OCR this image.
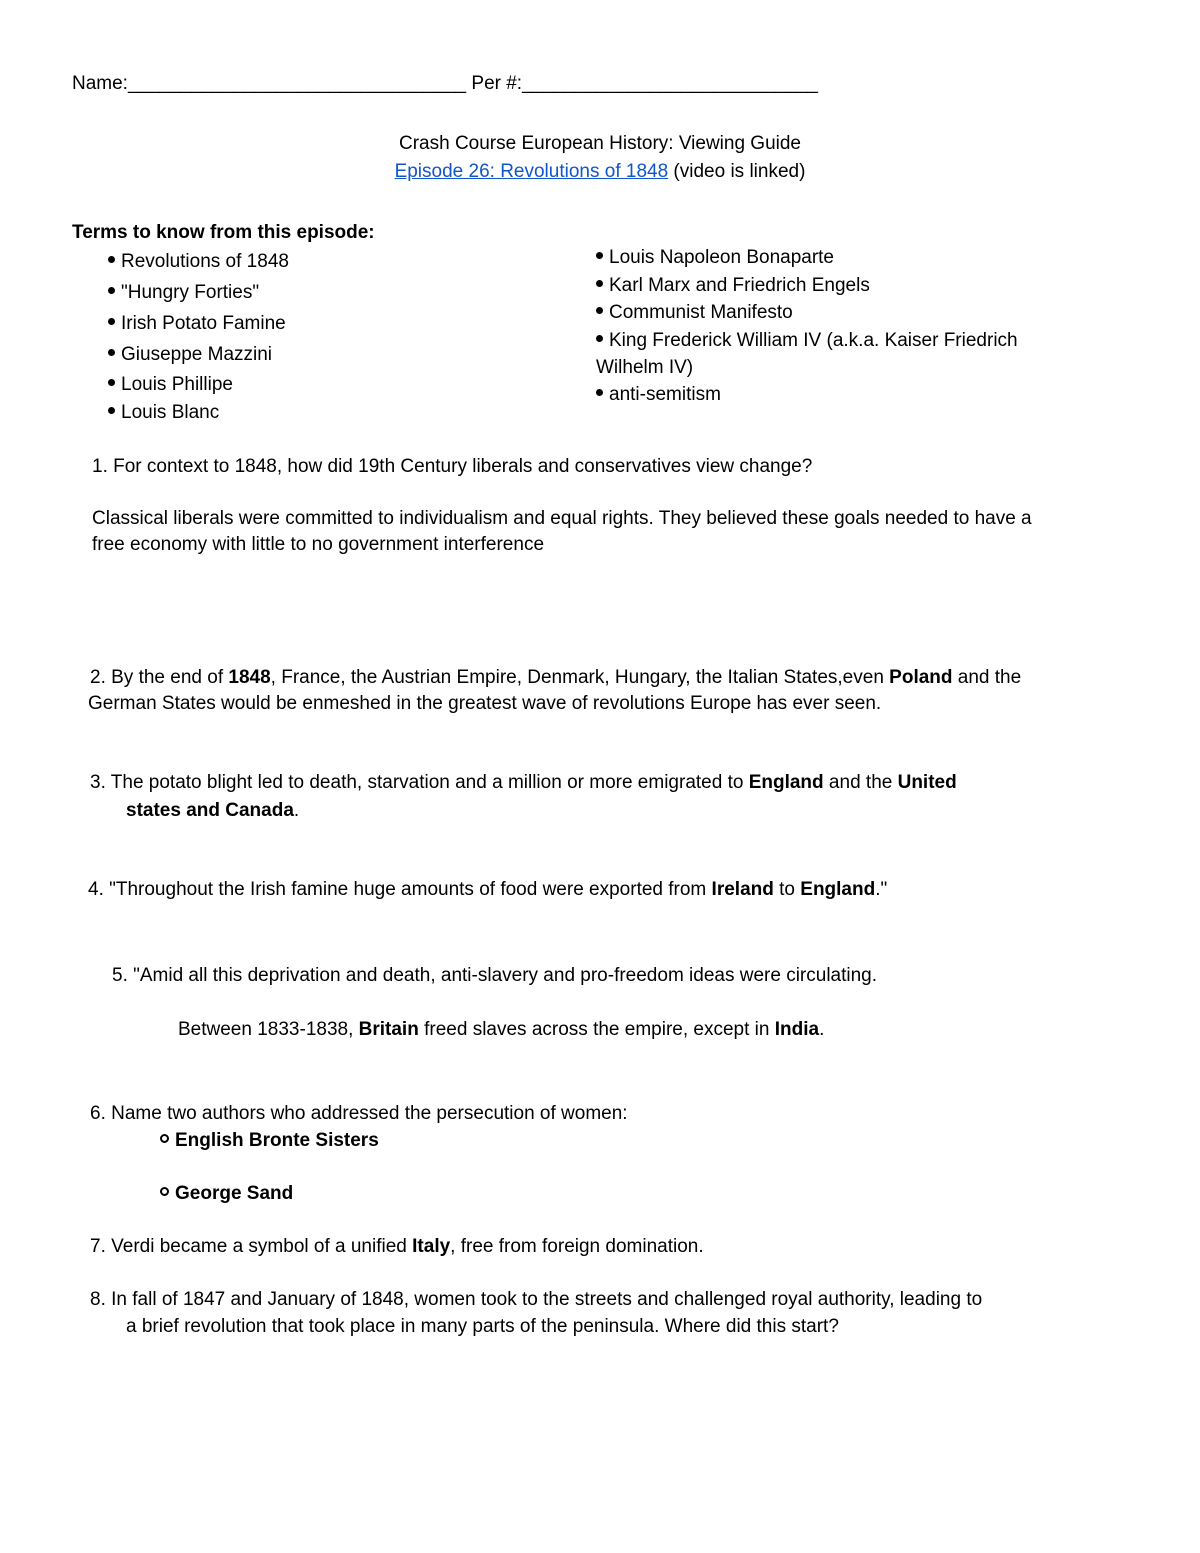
Name:________________________________ Per #:____________________________
Crash Course European History: Viewing Guide
Episode 26: Revolutions of 1848 (video is linked)
Terms to know from this episode:
Revolutions of 1848
"Hungry Forties"
Irish Potato Famine
Giuseppe Mazzini
Louis Phillipe
Louis Blanc
Louis Napoleon Bonaparte
Karl Marx and Friedrich Engels
Communist Manifesto
King Frederick William IV (a.k.a. Kaiser Friedrich
Wilhelm IV)
anti-semitism
1. For context to 1848, how did 19th Century liberals and conservatives view change?
Classical liberals were committed to individualism and equal rights. They believed these goals needed to have a
free economy with little to no government interference
2. By the end of 1848, France, the Austrian Empire, Denmark, Hungary, the Italian States,even Poland and the
German States would be enmeshed in the greatest wave of revolutions Europe has ever seen.
3. The potato blight led to death, starvation and a million or more emigrated to England and the United
states and Canada.
4. "Throughout the Irish famine huge amounts of food were exported from Ireland to England."
5. "Amid all this deprivation and death, anti-slavery and pro-freedom ideas were circulating.
Between 1833-1838, Britain freed slaves across the empire, except in India.
6. Name two authors who addressed the persecution of women:
English Bronte Sisters
George Sand
7. Verdi became a symbol of a unified Italy, free from foreign domination.
8. In fall of 1847 and January of 1848, women took to the streets and challenged royal authority, leading to
a brief revolution that took place in many parts of the peninsula. Where did this start?
